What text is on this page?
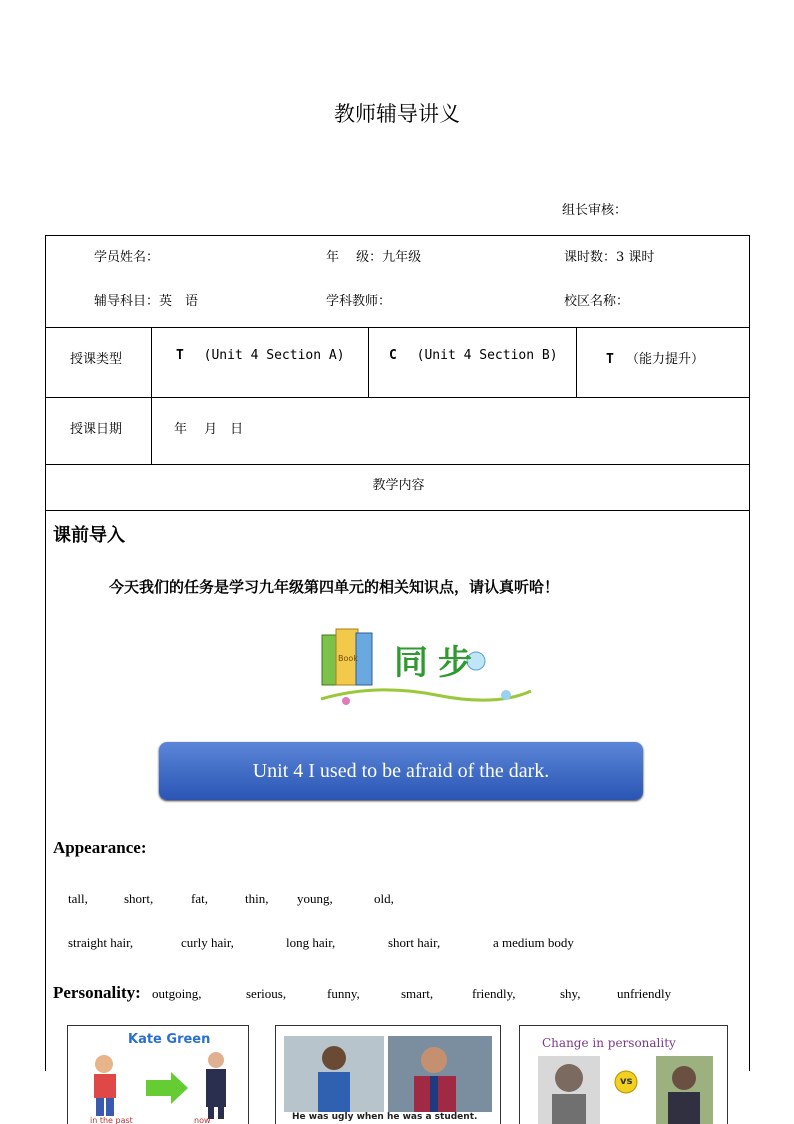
教师辅导讲义
组长审核：
学员姓名：	年　 级：九年级	课时数：3 课时
辅导科目：英　语	学科教师：	校区名称：
授课类型	T (Unit 4 Section A)	C (Unit 4 Section B)	T （能力提升）
授课日期	年　 月　日
教学内容
课前导入
今天我们的任务是学习九年级第四单元的相关知识点，请认真听哈！
Book 同步
Unit 4 I used to be afraid of the dark.
Appearance:
tall,	short,	fat,	thin, young,	old,
straight hair,	curly hair,	long hair,	short hair,	a medium body
Personality: outgoing,	serious,	funny,	smart,	friendly,	shy,	unfriendly
Kate Green
in the past	now	He was ugly when he was a student.
Change in personality
vs
